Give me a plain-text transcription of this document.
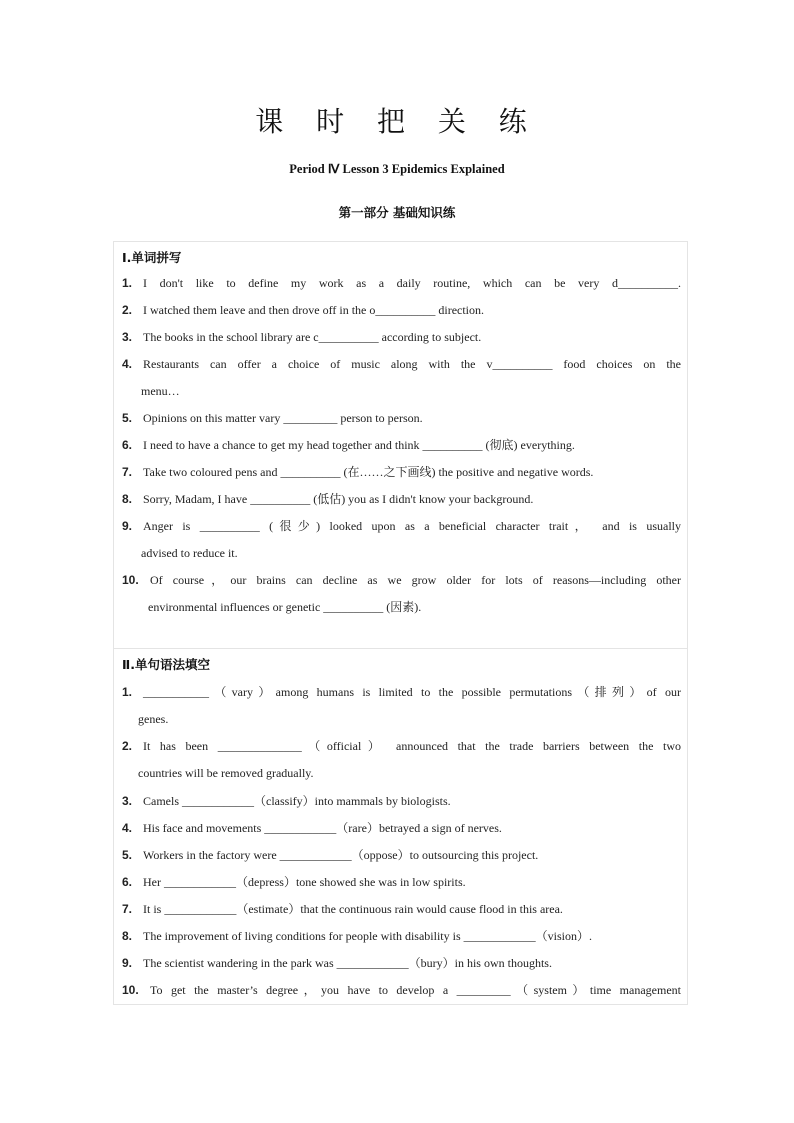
课 时 把 关 练
Period Ⅳ Lesson 3 Epidemics Explained
第一部分 基础知识练
Ⅰ.单词拼写
1. I don't like to define my work as a daily routine, which can be very d__________.
2. I watched them leave and then drove off in the o__________ direction.
3. The books in the school library are c__________ according to subject.
4. Restaurants can offer a choice of music along with the v__________ food choices on the
menu…
5. Opinions on this matter vary _________ person to person.
6. I need to have a chance to get my head together and think __________ (彻底) everything.
7. Take two coloured pens and __________ (在……之下画线) the positive and negative words.
8. Sorry, Madam, I have __________ (低估) you as I didn't know your background.
9. Anger is __________ (很少) looked upon as a beneficial character trait， and is usually
advised to reduce it.
10. Of course，our brains can decline as we grow older for lots of reasons—including other
environmental influences or genetic __________ (因素).
Ⅱ.单句语法填空
1. ___________（vary）among humans is limited to the possible permutations（排列）of our
genes.
2. It has been ______________（official） announced that the trade barriers between the two
countries will be removed gradually.
3. Camels ____________（classify）into mammals by biologists.
4. His face and movements ____________（rare）betrayed a sign of nerves.
5. Workers in the factory were ____________（oppose）to outsourcing this project.
6. Her ____________（depress）tone showed she was in low spirits.
7. It is ____________（estimate）that the continuous rain would cause flood in this area.
8. The improvement of living conditions for people with disability is ____________（vision）.
9. The scientist wandering in the park was ____________（bury）in his own thoughts.
10. To get the master’s degree，you have to develop a _________（system）time management
